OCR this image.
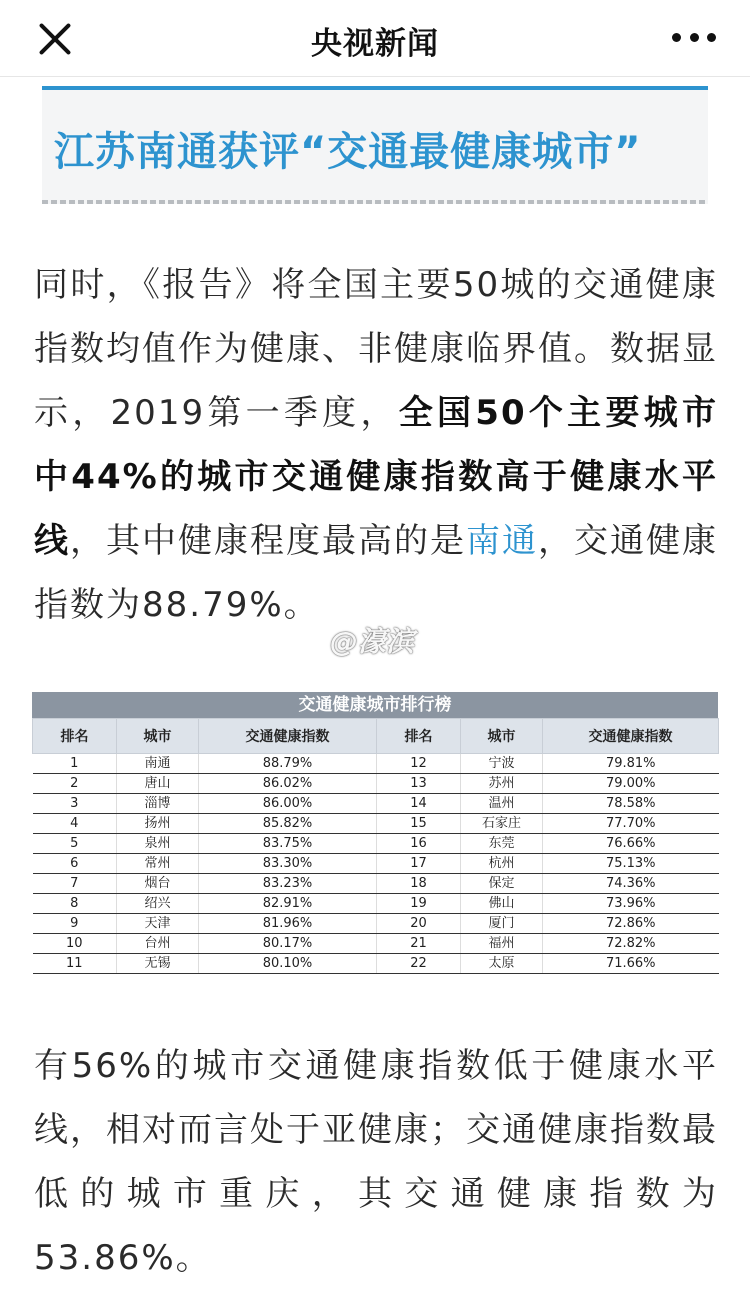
央视新闻
江苏南通获评“交通最健康城市”

同时，《报告》将全国主要50城的交通健康指数均值作为健康、非健康临界值。数据显示，2019第一季度，全国50个主要城市中44%的城市交通健康指数高于健康水平线，其中健康程度最高的是南通，交通健康指数为88.79%。

@濠滨
交通健康城市排行榜
排名	城市	交通健康指数	排名	城市	交通健康指数
1	南通	88.79%	12	宁波	79.81%
2	唐山	86.02%	13	苏州	79.00%
3	淄博	86.00%	14	温州	78.58%
4	扬州	85.82%	15	石家庄	77.70%
5	泉州	83.75%	16	东莞	76.66%
6	常州	83.30%	17	杭州	75.13%
7	烟台	83.23%	18	保定	74.36%
8	绍兴	82.91%	19	佛山	73.96%
9	天津	81.96%	20	厦门	72.86%
10	台州	80.17%	21	福州	72.82%
11	无锡	80.10%	22	太原	71.66%

有56%的城市交通健康指数低于健康水平线，相对而言处于亚健康；交通健康指数最低的城市重庆，其交通健康指数为53.86%。
